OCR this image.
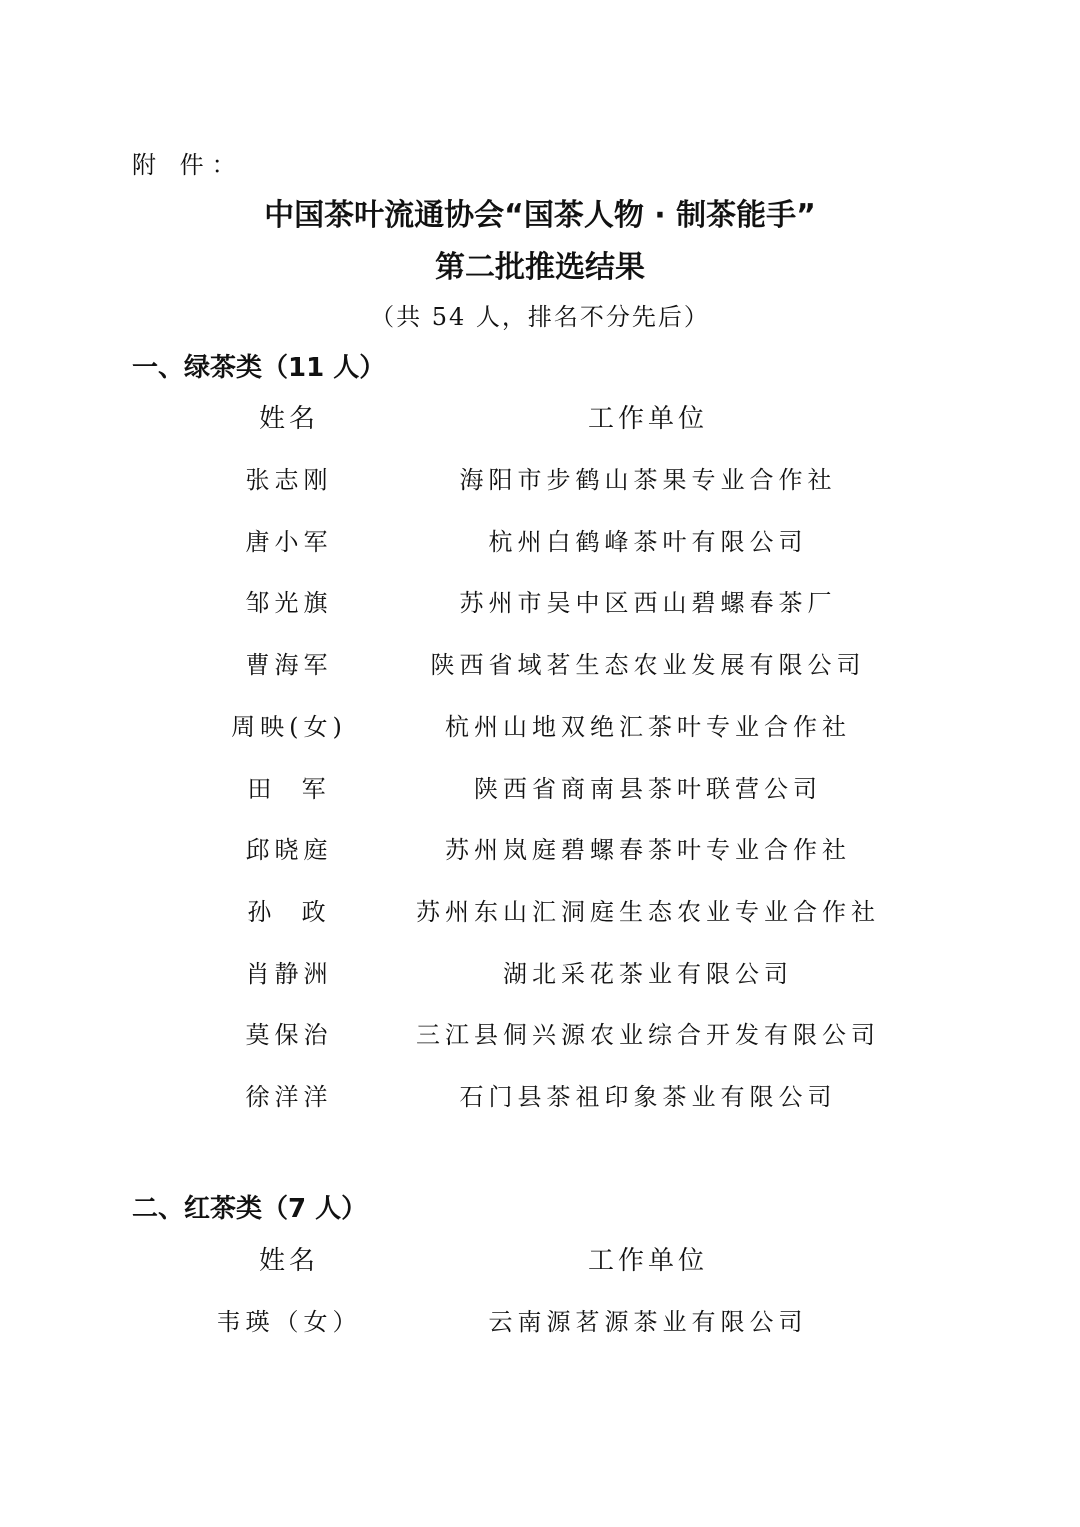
附 件：
中国茶叶流通协会“国茶人物 · 制茶能手”
第二批推选结果
（共 54 人，排名不分先后）
一、绿茶类（11 人）
姓名	工作单位
张志刚	海阳市步鹤山茶果专业合作社
唐小军	杭州白鹤峰茶叶有限公司
邹光旗	苏州市吴中区西山碧螺春茶厂
曹海军	陕西省域茗生态农业发展有限公司
周映(女)	杭州山地双绝汇茶叶专业合作社
田  军	陕西省商南县茶叶联营公司
邱晓庭	苏州岚庭碧螺春茶叶专业合作社
孙  政	苏州东山汇洞庭生态农业专业合作社
肖静洲	湖北采花茶业有限公司
莫保治	三江县侗兴源农业综合开发有限公司
徐洋洋	石门县茶祖印象茶业有限公司
二、红茶类（7 人）
姓名	工作单位
韦瑛（女）	云南源茗源茶业有限公司
